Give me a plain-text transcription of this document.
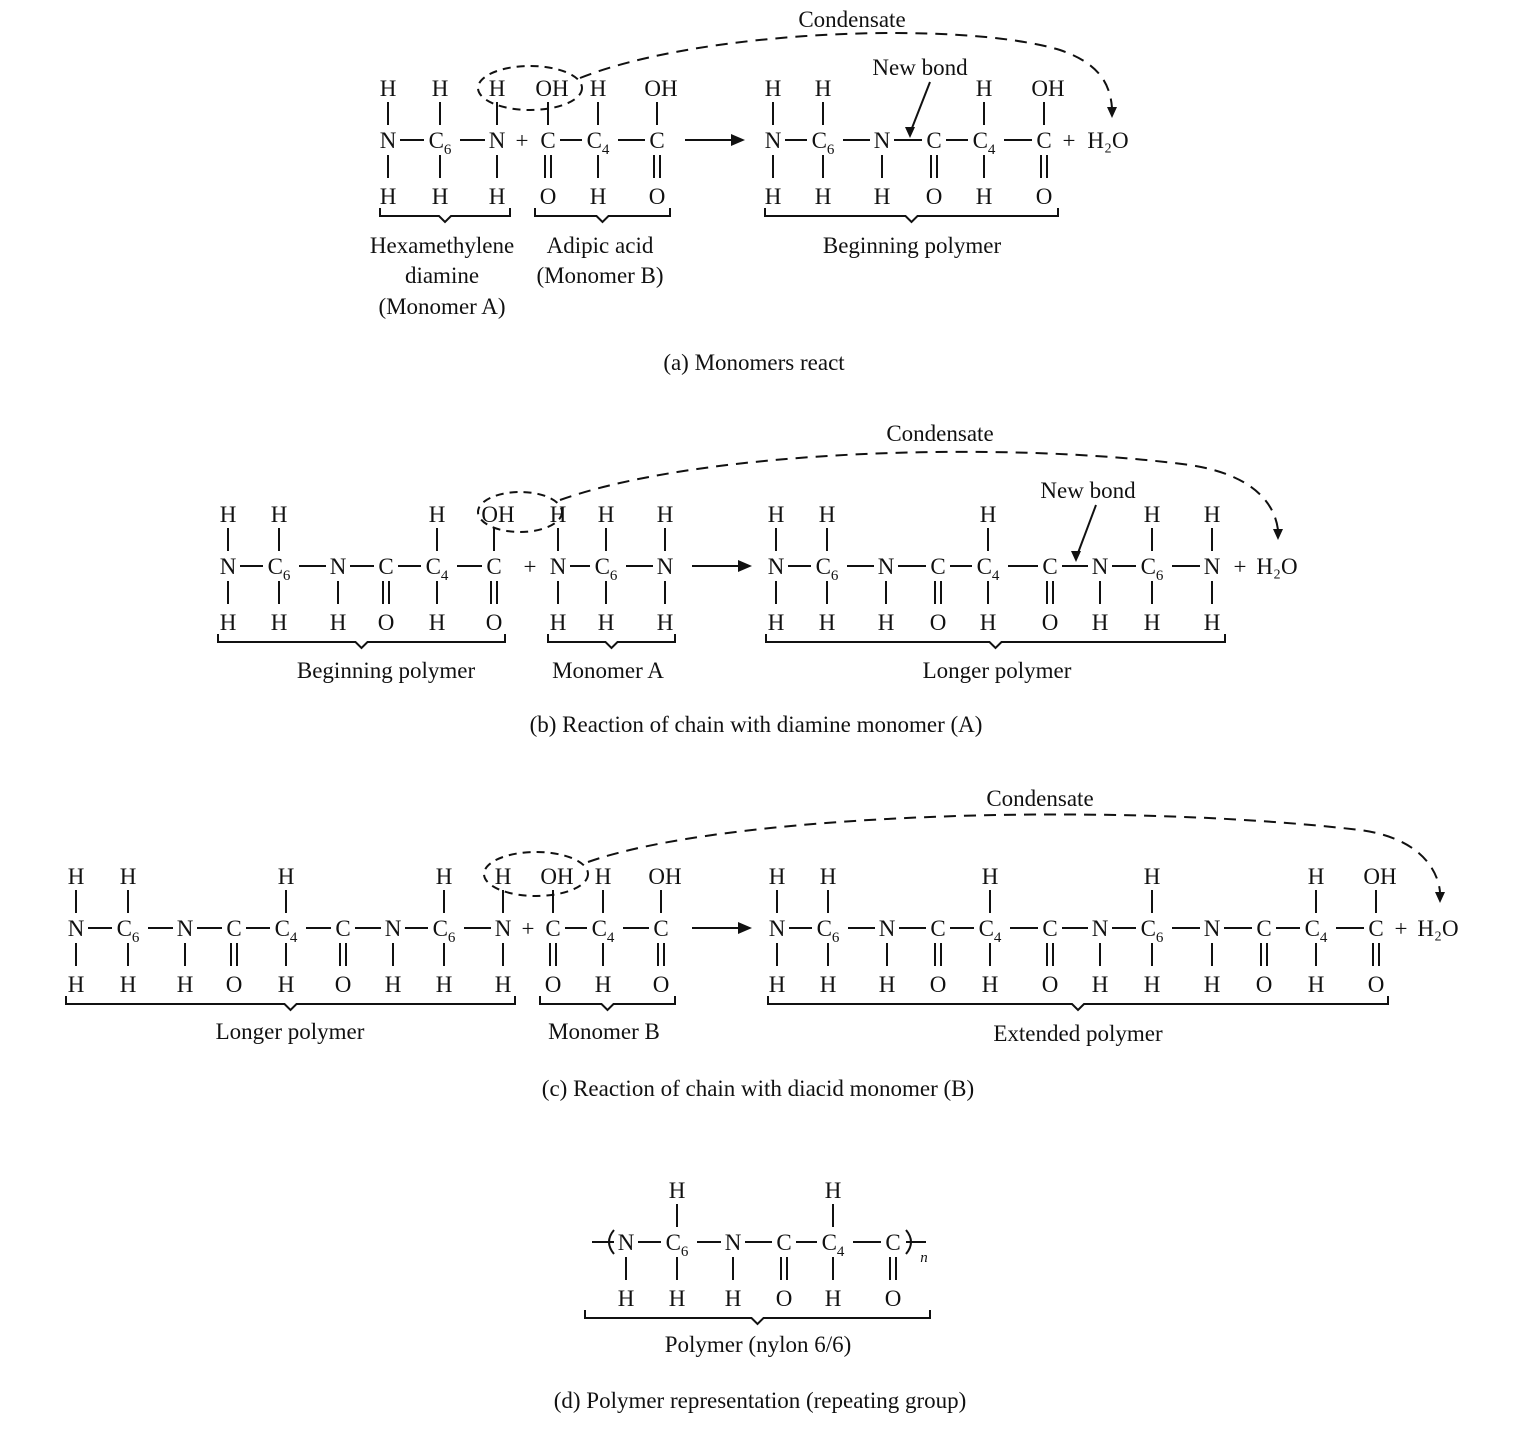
N
H
H
$C_6$
H
H
N
H
H
+ C
OH
O
$C_4$
H
H
C
OH
O
N
H
H
$C_6$
H
H
N
H
C
O
$C_4$
H
H
C
OH
O
+ H₂O
Hexamethylene
diamine
(Monomer A)
Adipic acid
(Monomer B)
Beginning polymer
Condensate
New bond
(a) Monomers react
N
H
H
$C_6$
H
H
N
H
C
O
$C_4$
H
H
C
OH
O
+ N
H
H
$C_6$
H
H
N
H
H
N
H
H
$C_6$
H
H
N
H
C
O
$C_4$
H
H
C
O
N
H
$C_6$
H
H
N
H
H
+ H₂O
Beginning polymer	Monomer A	Longer polymer
Condensate
New bond
(b) Reaction of chain with diamine monomer (A)
N
H
H
$C_6$
H
H
N
H
C
O
$C_4$
H
H
C
O
N
H
$C_6$
H
H
N
H
H
+ C
OH
O
$C_4$
H
H
C
OH
O
N
H
H
$C_6$
H
H
N
H
C
O
$C_4$
H
H
C
O
N
H
$C_6$
H
H
N
H
C
O
$C_4$
H
H
C
OH
O
+ H₂O
Longer polymer	Monomer B	Extended polymer
Condensate
(c) Reaction of chain with diacid monomer (B)
N
H
$C_6$
H
H
N
H
C
O
$C_4$
H
H
C
O
n
Polymer (nylon 6/6)
(d) Polymer representation (repeating group)
